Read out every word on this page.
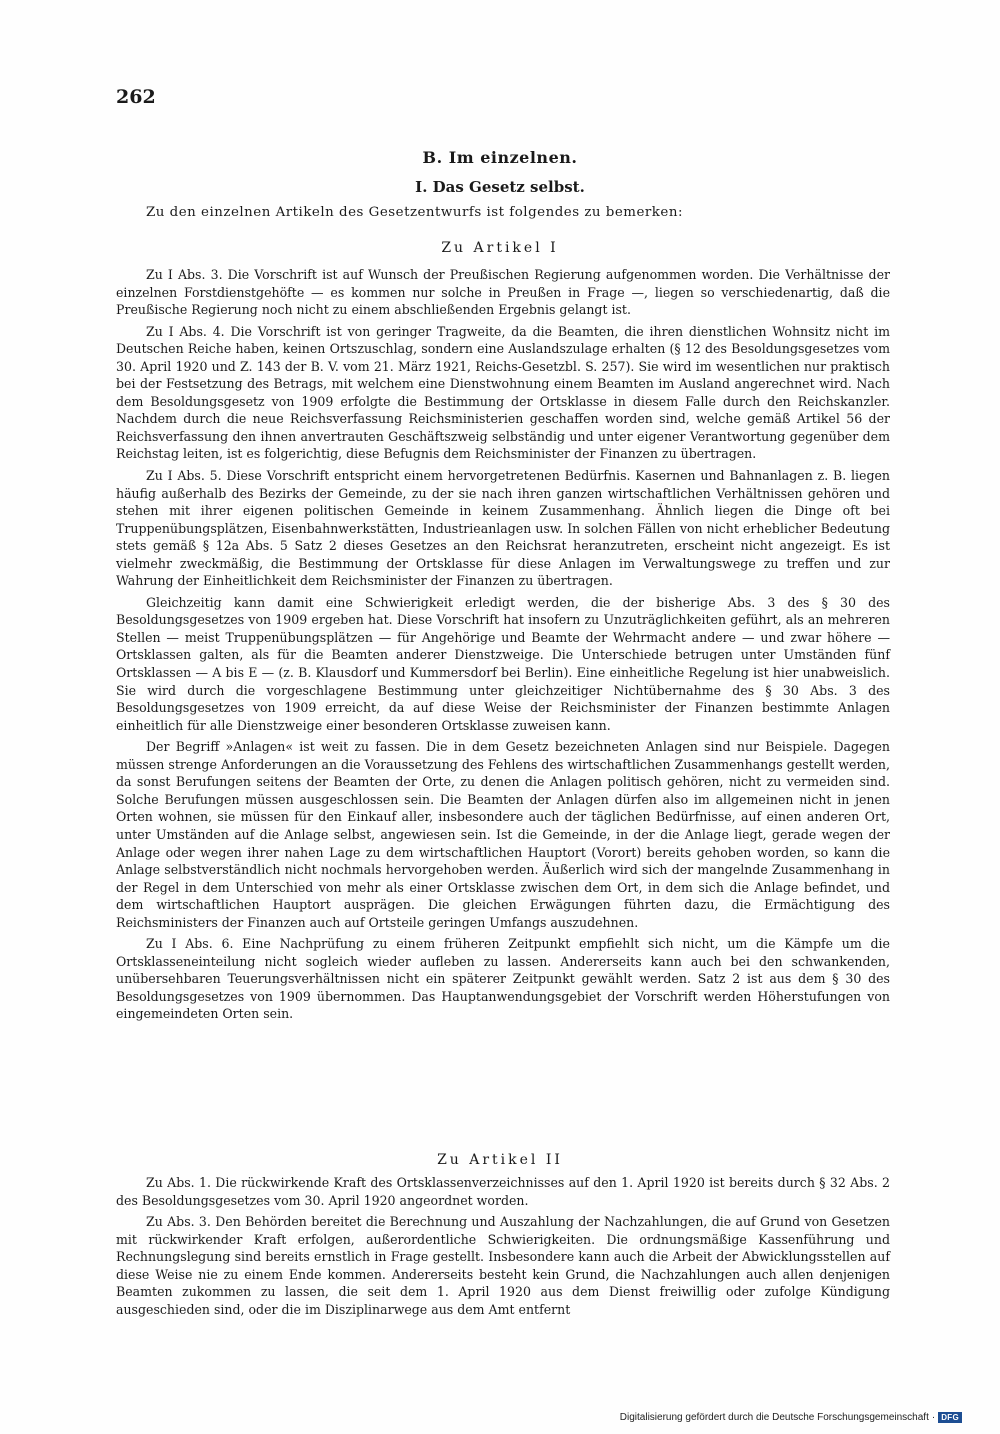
262
B. Im einzelnen.
I. Das Gesetz selbst.
Zu den einzelnen Artikeln des Gesetzentwurfs ist folgendes zu bemerken:
Zu Artikel I

Zu I Abs. 3. Die Vorschrift ist auf Wunsch der Preußischen Regierung aufgenommen worden. Die Verhältnisse der einzelnen Forstdienstgehöfte — es kommen nur solche in Preußen in Frage —, liegen so verschiedenartig, daß die Preußische Regierung noch nicht zu einem abschließenden Ergebnis gelangt ist.

Zu I Abs. 4. Die Vorschrift ist von geringer Tragweite, da die Beamten, die ihren dienstlichen Wohnsitz nicht im Deutschen Reiche haben, keinen Ortszuschlag, sondern eine Auslandszulage erhalten (§ 12 des Besoldungsgesetzes vom 30. April 1920 und Z. 143 der B. V. vom 21. März 1921, Reichs-Gesetzbl. S. 257). Sie wird im wesentlichen nur praktisch bei der Festsetzung des Betrags, mit welchem eine Dienstwohnung einem Beamten im Ausland angerechnet wird. Nach dem Besoldungsgesetz von 1909 erfolgte die Bestimmung der Ortsklasse in diesem Falle durch den Reichskanzler. Nachdem durch die neue Reichsverfassung Reichsministerien geschaffen worden sind, welche gemäß Artikel 56 der Reichsverfassung den ihnen anvertrauten Geschäftszweig selbständig und unter eigener Verantwortung gegenüber dem Reichstag leiten, ist es folgerichtig, diese Befugnis dem Reichsminister der Finanzen zu übertragen.

Zu I Abs. 5. Diese Vorschrift entspricht einem hervorgetretenen Bedürfnis. Kasernen und Bahnanlagen z. B. liegen häufig außerhalb des Bezirks der Gemeinde, zu der sie nach ihren ganzen wirtschaftlichen Verhältnissen gehören und stehen mit ihrer eigenen politischen Gemeinde in keinem Zusammenhang. Ähnlich liegen die Dinge oft bei Truppenübungsplätzen, Eisenbahnwerkstätten, Industrieanlagen usw. In solchen Fällen von nicht erheblicher Bedeutung stets gemäß § 12a Abs. 5 Satz 2 dieses Gesetzes an den Reichsrat heranzutreten, erscheint nicht angezeigt. Es ist vielmehr zweckmäßig, die Bestimmung der Ortsklasse für diese Anlagen im Verwaltungswege zu treffen und zur Wahrung der Einheitlichkeit dem Reichsminister der Finanzen zu übertragen.

Gleichzeitig kann damit eine Schwierigkeit erledigt werden, die der bisherige Abs. 3 des § 30 des Besoldungsgesetzes von 1909 ergeben hat. Diese Vorschrift hat insofern zu Unzuträglichkeiten geführt, als an mehreren Stellen — meist Truppenübungsplätzen — für Angehörige und Beamte der Wehrmacht andere — und zwar höhere — Ortsklassen galten, als für die Beamten anderer Dienstzweige. Die Unterschiede betrugen unter Umständen fünf Ortsklassen — A bis E — (z. B. Klausdorf und Kummersdorf bei Berlin). Eine einheitliche Regelung ist hier unabweislich. Sie wird durch die vorgeschlagene Bestimmung unter gleichzeitiger Nichtübernahme des § 30 Abs. 3 des Besoldungsgesetzes von 1909 erreicht, da auf diese Weise der Reichsminister der Finanzen bestimmte Anlagen einheitlich für alle Dienstzweige einer besonderen Ortsklasse zuweisen kann.

Der Begriff »Anlagen« ist weit zu fassen. Die in dem Gesetz bezeichneten Anlagen sind nur Beispiele. Dagegen müssen strenge Anforderungen an die Voraussetzung des Fehlens des wirtschaftlichen Zusammenhangs gestellt werden, da sonst Berufungen seitens der Beamten der Orte, zu denen die Anlagen politisch gehören, nicht zu vermeiden sind. Solche Berufungen müssen ausgeschlossen sein. Die Beamten der Anlagen dürfen also im allgemeinen nicht in jenen Orten wohnen, sie müssen für den Einkauf aller, insbesondere auch der täglichen Bedürfnisse, auf einen anderen Ort, unter Umständen auf die Anlage selbst, angewiesen sein. Ist die Gemeinde, in der die Anlage liegt, gerade wegen der Anlage oder wegen ihrer nahen Lage zu dem wirtschaftlichen Hauptort (Vorort) bereits gehoben worden, so kann die Anlage selbstverständlich nicht nochmals hervorgehoben werden. Äußerlich wird sich der mangelnde Zusammenhang in der Regel in dem Unterschied von mehr als einer Ortsklasse zwischen dem Ort, in dem sich die Anlage befindet, und dem wirtschaftlichen Hauptort ausprägen. Die gleichen Erwägungen führten dazu, die Ermächtigung des Reichsministers der Finanzen auch auf Ortsteile geringen Umfangs auszudehnen.

Zu I Abs. 6. Eine Nachprüfung zu einem früheren Zeitpunkt empfiehlt sich nicht, um die Kämpfe um die Ortsklasseneinteilung nicht sogleich wieder aufleben zu lassen. Andererseits kann auch bei den schwankenden, unübersehbaren Teuerungsverhältnissen nicht ein späterer Zeitpunkt gewählt werden. Satz 2 ist aus dem § 30 des Besoldungsgesetzes von 1909 übernommen. Das Hauptanwendungsgebiet der Vorschrift werden Höherstufungen von eingemeindeten Orten sein.

Zu Artikel II

Zu Abs. 1. Die rückwirkende Kraft des Ortsklassenverzeichnisses auf den 1. April 1920 ist bereits durch § 32 Abs. 2 des Besoldungsgesetzes vom 30. April 1920 angeordnet worden.

Zu Abs. 3. Den Behörden bereitet die Berechnung und Auszahlung der Nachzahlungen, die auf Grund von Gesetzen mit rückwirkender Kraft erfolgen, außerordentliche Schwierigkeiten. Die ordnungsmäßige Kassenführung und Rechnungslegung sind bereits ernstlich in Frage gestellt. Insbesondere kann auch die Arbeit der Abwicklungsstellen auf diese Weise nie zu einem Ende kommen. Andererseits besteht kein Grund, die Nachzahlungen auch allen denjenigen Beamten zukommen zu lassen, die seit dem 1. April 1920 aus dem Dienst freiwillig oder zufolge Kündigung ausgeschieden sind, oder die im Disziplinarwege aus dem Amt entfernt

Digitalisierung gefördert durch die Deutsche Forschungsgemeinschaft · DFG
